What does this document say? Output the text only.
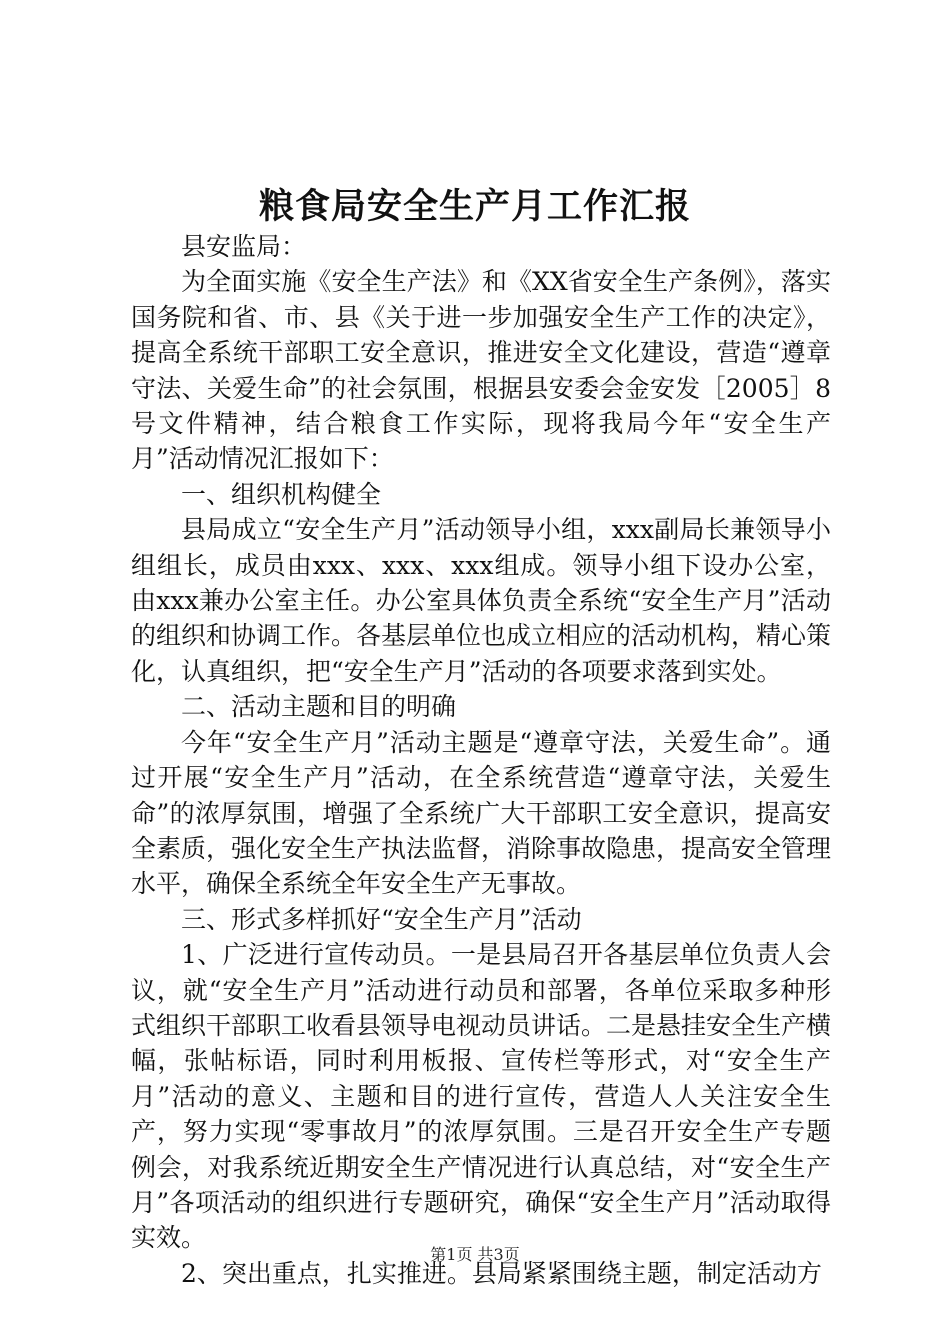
粮食局安全生产月工作汇报

县安监局：

为全面实施《安全生产法》和《XX省安全生产条例》，落实国务院和省、市、县《关于进一步加强安全生产工作的决定》，提高全系统干部职工安全意识，推进安全文化建设，营造“遵章守法、关爱生命”的社会氛围，根据县安委会金安发［2005］8号文件精神，结合粮食工作实际，现将我局今年“安全生产月”活动情况汇报如下：

一、组织机构健全

县局成立“安全生产月”活动领导小组，xxx副局长兼领导小组组长，成员由xxx、xxx、xxx组成。领导小组下设办公室，由xxx兼办公室主任。办公室具体负责全系统“安全生产月”活动的组织和协调工作。各基层单位也成立相应的活动机构，精心策化，认真组织，把“安全生产月”活动的各项要求落到实处。

二、活动主题和目的明确

今年“安全生产月”活动主题是“遵章守法，关爱生命”。通过开展“安全生产月”活动，在全系统营造“遵章守法，关爱生命”的浓厚氛围，增强了全系统广大干部职工安全意识，提高安全素质，强化安全生产执法监督，消除事故隐患，提高安全管理水平，确保全系统全年安全生产无事故。

三、形式多样抓好“安全生产月”活动

1、广泛进行宣传动员。一是县局召开各基层单位负责人会议，就“安全生产月”活动进行动员和部署，各单位采取多种形式组织干部职工收看县领导电视动员讲话。二是悬挂安全生产横幅，张帖标语，同时利用板报、宣传栏等形式，对“安全生产月”活动的意义、主题和目的进行宣传，营造人人关注安全生产，努力实现“零事故月”的浓厚氛围。三是召开安全生产专题例会，对我系统近期安全生产情况进行认真总结，对“安全生产月”各项活动的组织进行专题研究，确保“安全生产月”活动取得实效。

2、突出重点，扎实推进。县局紧紧围绕主题，制定活动方

第1页 共3页
